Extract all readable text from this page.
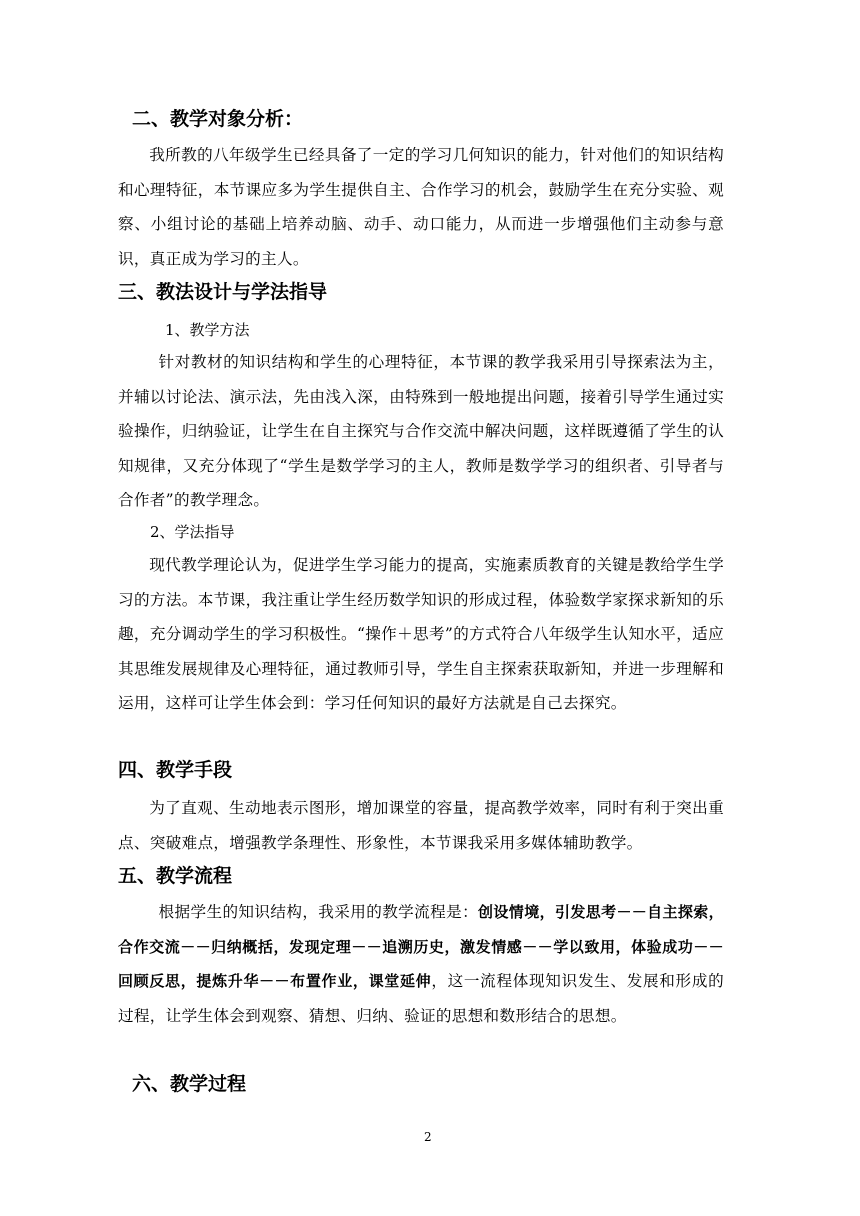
二、教学对象分析：

我所教的八年级学生已经具备了一定的学习几何知识的能力，针对他们的知识结构和心理特征，本节课应多为学生提供自主、合作学习的机会，鼓励学生在充分实验、观察、小组讨论的基础上培养动脑、动手、动口能力，从而进一步增强他们主动参与意识，真正成为学习的主人。

三、教法设计与学法指导

1、教学方法

针对教材的知识结构和学生的心理特征，本节课的教学我采用引导探索法为主，并辅以讨论法、演示法，先由浅入深，由特殊到一般地提出问题，接着引导学生通过实验操作，归纳验证，让学生在自主探究与合作交流中解决问题，这样既遵循了学生的认知规律，又充分体现了“学生是数学学习的主人，教师是数学学习的组织者、引导者与合作者”的教学理念。

2、学法指导

现代教学理论认为，促进学生学习能力的提高，实施素质教育的关键是教给学生学习的方法。本节课，我注重让学生经历数学知识的形成过程，体验数学家探求新知的乐趣，充分调动学生的学习积极性。“操作＋思考”的方式符合八年级学生认知水平，适应其思维发展规律及心理特征，通过教师引导，学生自主探索获取新知，并进一步理解和运用，这样可让学生体会到：学习任何知识的最好方法就是自己去探究。

四、教学手段

为了直观、生动地表示图形，增加课堂的容量，提高教学效率，同时有利于突出重点、突破难点，增强教学条理性、形象性，本节课我采用多媒体辅助教学。

五、教学流程

根据学生的知识结构，我采用的教学流程是：创设情境，引发思考－－自主探索，合作交流－－归纳概括，发现定理－－追溯历史，激发情感－－学以致用，体验成功－－回顾反思，提炼升华－－布置作业，课堂延伸，这一流程体现知识发生、发展和形成的过程，让学生体会到观察、猜想、归纳、验证的思想和数形结合的思想。

六、教学过程

2
